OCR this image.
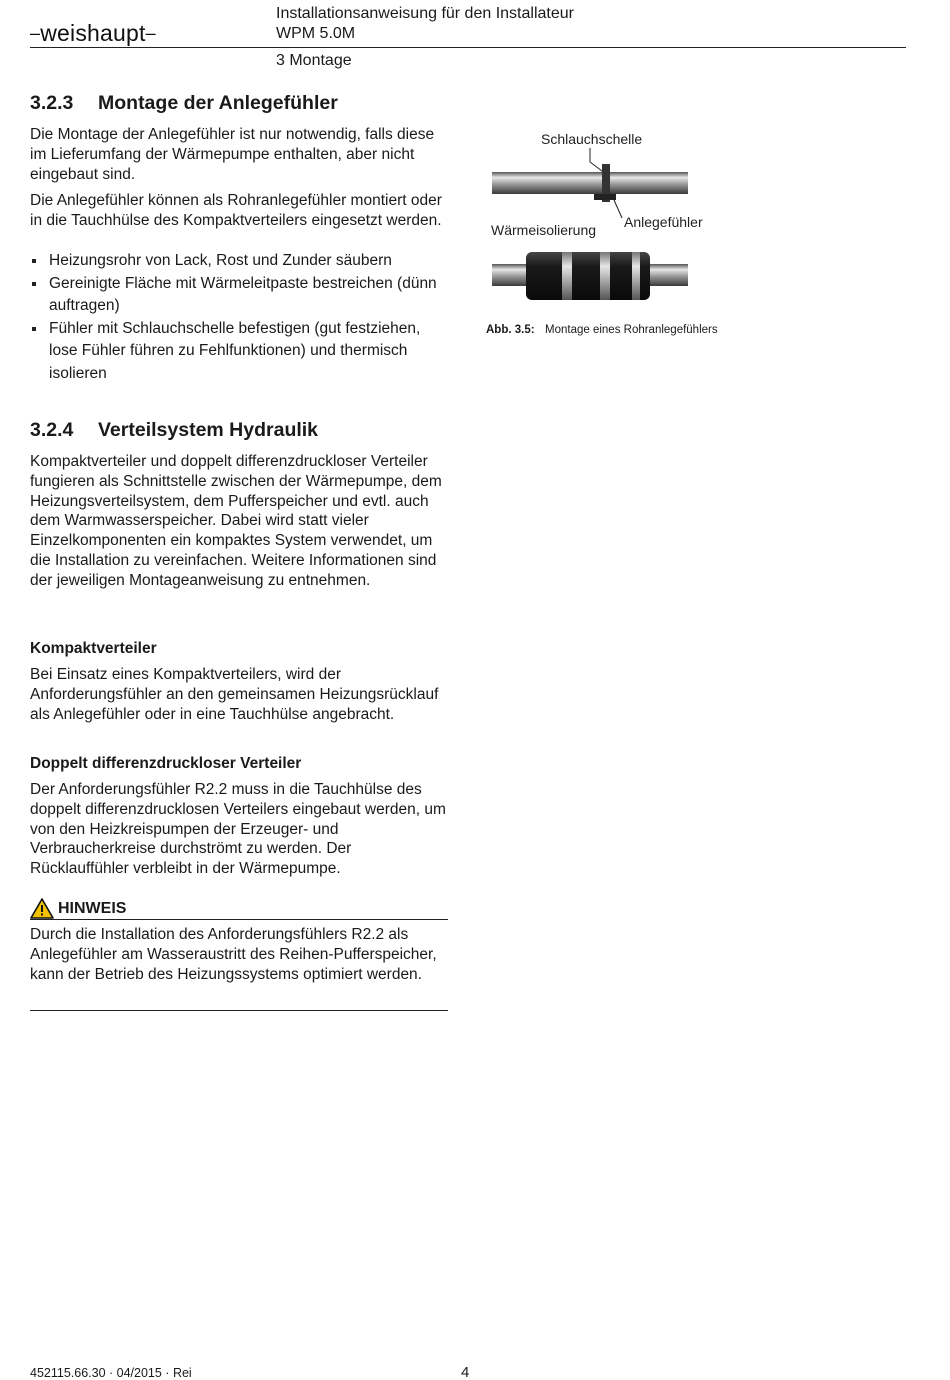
–weishaupt–
Installationsanweisung für den Installateur
WPM 5.0M
3 Montage
3.2.3 Montage der Anlegefühler
Die Montage der Anlegefühler ist nur notwendig, falls diese im Lieferumfang der Wärmepumpe enthalten, aber nicht eingebaut sind.
Die Anlegefühler können als Rohranlegefühler montiert oder in die Tauchhülse des Kompaktverteilers eingesetzt werden.
Heizungsrohr von Lack, Rost und Zunder säubern
Gereinigte Fläche mit Wärmeleitpaste bestreichen (dünn auftragen)
Fühler mit Schlauchschelle befestigen (gut festziehen, lose Fühler führen zu Fehlfunktionen) und thermisch isolieren
Schlauchschelle
Anlegefühler
Wärmeisolierung
Abb. 3.5: Montage eines Rohranlegefühlers
3.2.4 Verteilsystem Hydraulik
Kompaktverteiler und doppelt differenzdruckloser Verteiler fungieren als Schnittstelle zwischen der Wärmepumpe, dem Heizungsverteilsystem, dem Pufferspeicher und evtl. auch dem Warmwasserspeicher. Dabei wird statt vieler Einzelkomponenten ein kompaktes System verwendet, um die Installation zu vereinfachen. Weitere Informationen sind der jeweiligen Montageanweisung zu entnehmen.
Kompaktverteiler
Bei Einsatz eines Kompaktverteilers, wird der Anforderungsfühler an den gemeinsamen Heizungsrücklauf als Anlegefühler oder in eine Tauchhülse angebracht.
Doppelt differenzdruckloser Verteiler
Der Anforderungsfühler R2.2 muss in die Tauchhülse des doppelt differenzdrucklosen Verteilers eingebaut werden, um von den Heizkreispumpen der Erzeuger- und Verbraucherkreise durchströmt zu werden. Der Rücklauffühler verbleibt in der Wärmepumpe.
HINWEIS
Durch die Installation des Anforderungsfühlers R2.2 als Anlegefühler am Wasseraustritt des Reihen-Pufferspeicher, kann der Betrieb des Heizungssystems optimiert werden.
452115.66.30 · 04/2015 · Rei	4
